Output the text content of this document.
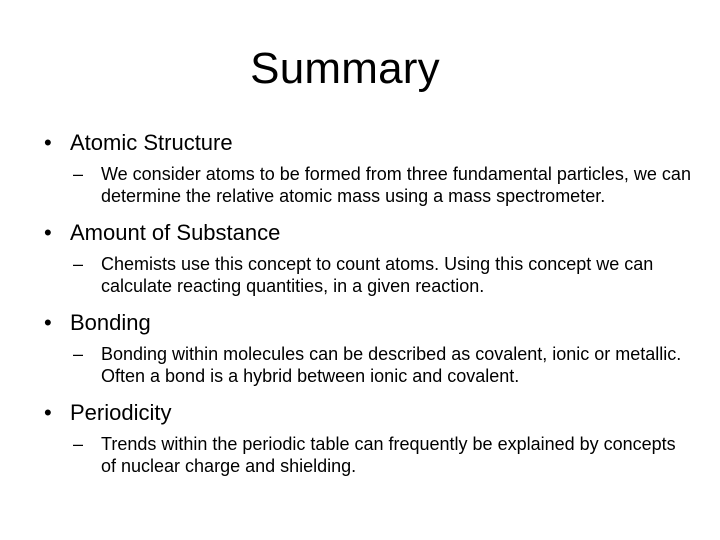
Summary

• Atomic Structure

– We consider atoms to be formed from three fundamental particles, we can determine the relative atomic mass using a mass spectrometer.

• Amount of Substance

– Chemists use this concept to count atoms. Using this concept we can calculate reacting quantities, in a given reaction.

• Bonding

– Bonding within molecules can be described as covalent, ionic or metallic. Often a bond is a hybrid between ionic and covalent.

• Periodicity

– Trends within the periodic table can frequently be explained by concepts of nuclear charge and shielding.
